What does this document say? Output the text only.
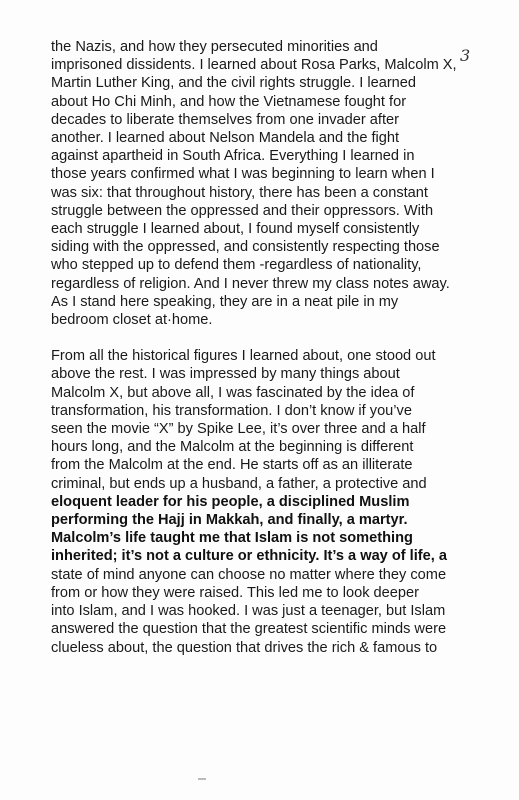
3
the Nazis, and how they persecuted minorities and
imprisoned dissidents. I learned about Rosa Parks, Malcolm X,
Martin Luther King, and the civil rights struggle. I learned
about Ho Chi Minh, and how the Vietnamese fought for
decades to liberate themselves from one invader after
another. I learned about Nelson Mandela and the fight
against apartheid in South Africa. Everything I learned in
those years confirmed what I was beginning to learn when I
was six: that throughout history, there has been a constant
struggle between the oppressed and their oppressors. With
each struggle I learned about, I found myself consistently
siding with the oppressed, and consistently respecting those
who stepped up to defend them -regardless of nationality,
regardless of religion. And I never threw my class notes away.
As I stand here speaking, they are in a neat pile in my
bedroom closet at·home.
From all the historical figures I learned about, one stood out
above the rest. I was impressed by many things about
Malcolm X, but above all, I was fascinated by the idea of
transformation, his transformation. I don’t know if you’ve
seen the movie “X” by Spike Lee, it’s over three and a half
hours long, and the Malcolm at the beginning is different
from the Malcolm at the end. He starts off as an illiterate
criminal, but ends up a husband, a father, a protective and
eloquent leader for his people, a disciplined Muslim
performing the Hajj in Makkah, and finally, a martyr.
Malcolm’s life taught me that Islam is not something
inherited; it’s not a culture or ethnicity. It’s a way of life, a
state of mind anyone can choose no matter where they come
from or how they were raised. This led me to look deeper
into Islam, and I was hooked. I was just a teenager, but Islam
answered the question that the greatest scientific minds were
clueless about, the question that drives the rich & famous to
